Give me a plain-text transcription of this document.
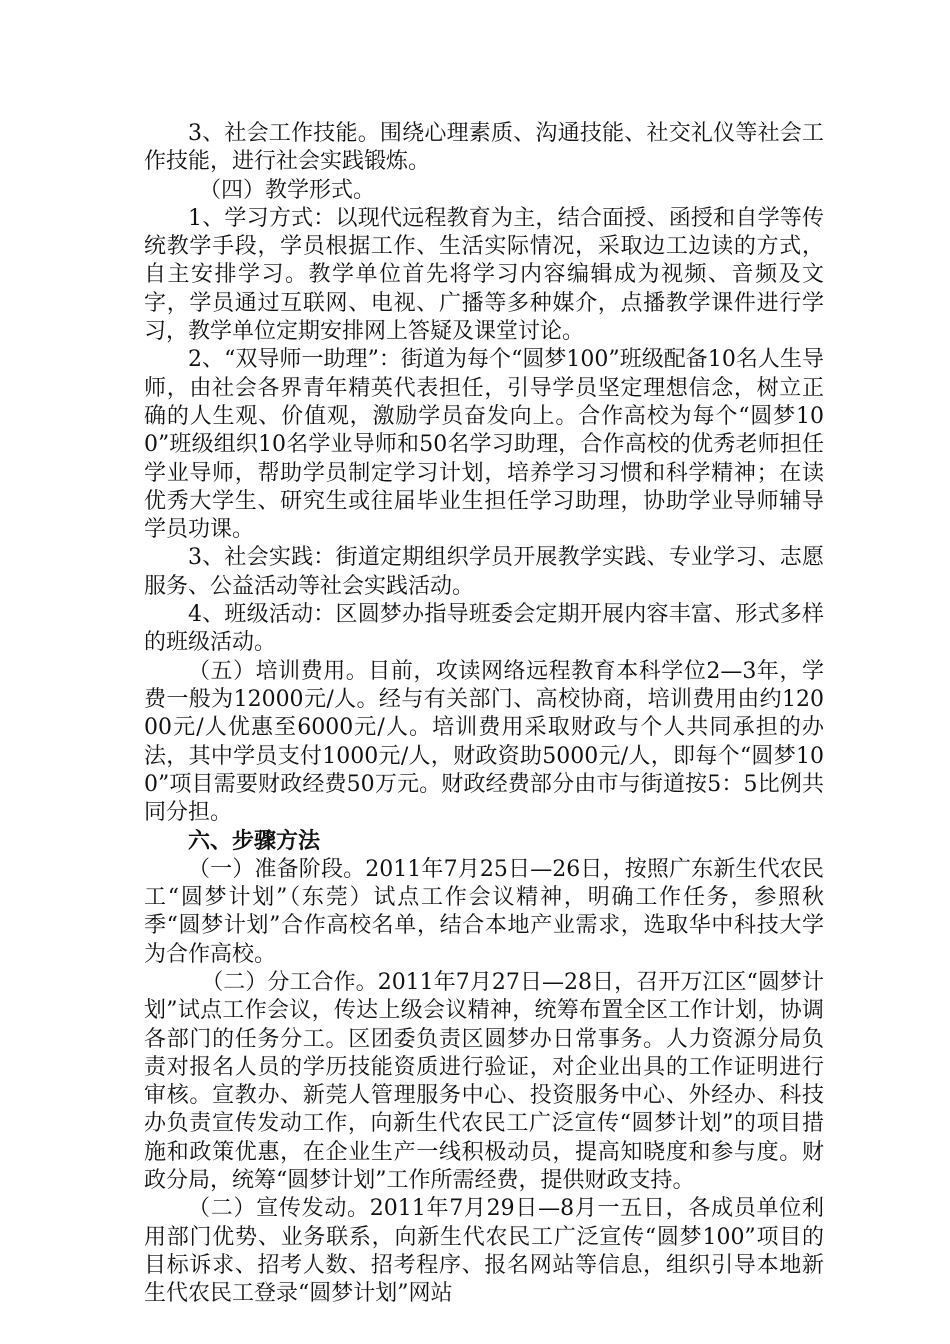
3、社会工作技能。围绕心理素质、沟通技能、社交礼仪等社会工作技能，进行社会实践锻炼。

（四）教学形式。

1、学习方式：以现代远程教育为主，结合面授、函授和自学等传统教学手段，学员根据工作、生活实际情况，采取边工边读的方式，自主安排学习。教学单位首先将学习内容编辑成为视频、音频及文字，学员通过互联网、电视、广播等多种媒介，点播教学课件进行学习，教学单位定期安排网上答疑及课堂讨论。

2、“双导师一助理”：街道为每个“圆梦100”班级配备10名人生导师，由社会各界青年精英代表担任，引导学员坚定理想信念，树立正确的人生观、价值观，激励学员奋发向上。合作高校为每个“圆梦100”班级组织10名学业导师和50名学习助理，合作高校的优秀老师担任学业导师，帮助学员制定学习计划，培养学习习惯和科学精神；在读优秀大学生、研究生或往届毕业生担任学习助理，协助学业导师辅导学员功课。

3、社会实践：街道定期组织学员开展教学实践、专业学习、志愿服务、公益活动等社会实践活动。

4、班级活动：区圆梦办指导班委会定期开展内容丰富、形式多样的班级活动。

（五）培训费用。目前，攻读网络远程教育本科学位2—3年，学费一般为12000元/人。经与有关部门、高校协商，培训费用由约12000元/人优惠至6000元/人。培训费用采取财政与个人共同承担的办法，其中学员支付1000元/人，财政资助5000元/人，即每个“圆梦100”项目需要财政经费50万元。财政经费部分由市与街道按5：5比例共同分担。

六、步骤方法

（一）准备阶段。2011年7月25日—26日，按照广东新生代农民工“圆梦计划”（东莞）试点工作会议精神，明确工作任务，参照秋季“圆梦计划”合作高校名单，结合本地产业需求，选取华中科技大学为合作高校。

（二）分工合作。2011年7月27日—28日，召开万江区“圆梦计划”试点工作会议，传达上级会议精神，统筹布置全区工作计划，协调各部门的任务分工。区团委负责区圆梦办日常事务。人力资源分局负责对报名人员的学历技能资质进行验证，对企业出具的工作证明进行审核。宣教办、新莞人管理服务中心、投资服务中心、外经办、科技办负责宣传发动工作，向新生代农民工广泛宣传“圆梦计划”的项目措施和政策优惠，在企业生产一线积极动员，提高知晓度和参与度。财政分局，统筹“圆梦计划”工作所需经费，提供财政支持。

（二）宣传发动。2011年7月29日—8月一五日，各成员单位利用部门优势、业务联系，向新生代农民工广泛宣传“圆梦100”项目的目标诉求、招考人数、招考程序、报名网站等信息，组织引导本地新生代农民工登录“圆梦计划”网站
